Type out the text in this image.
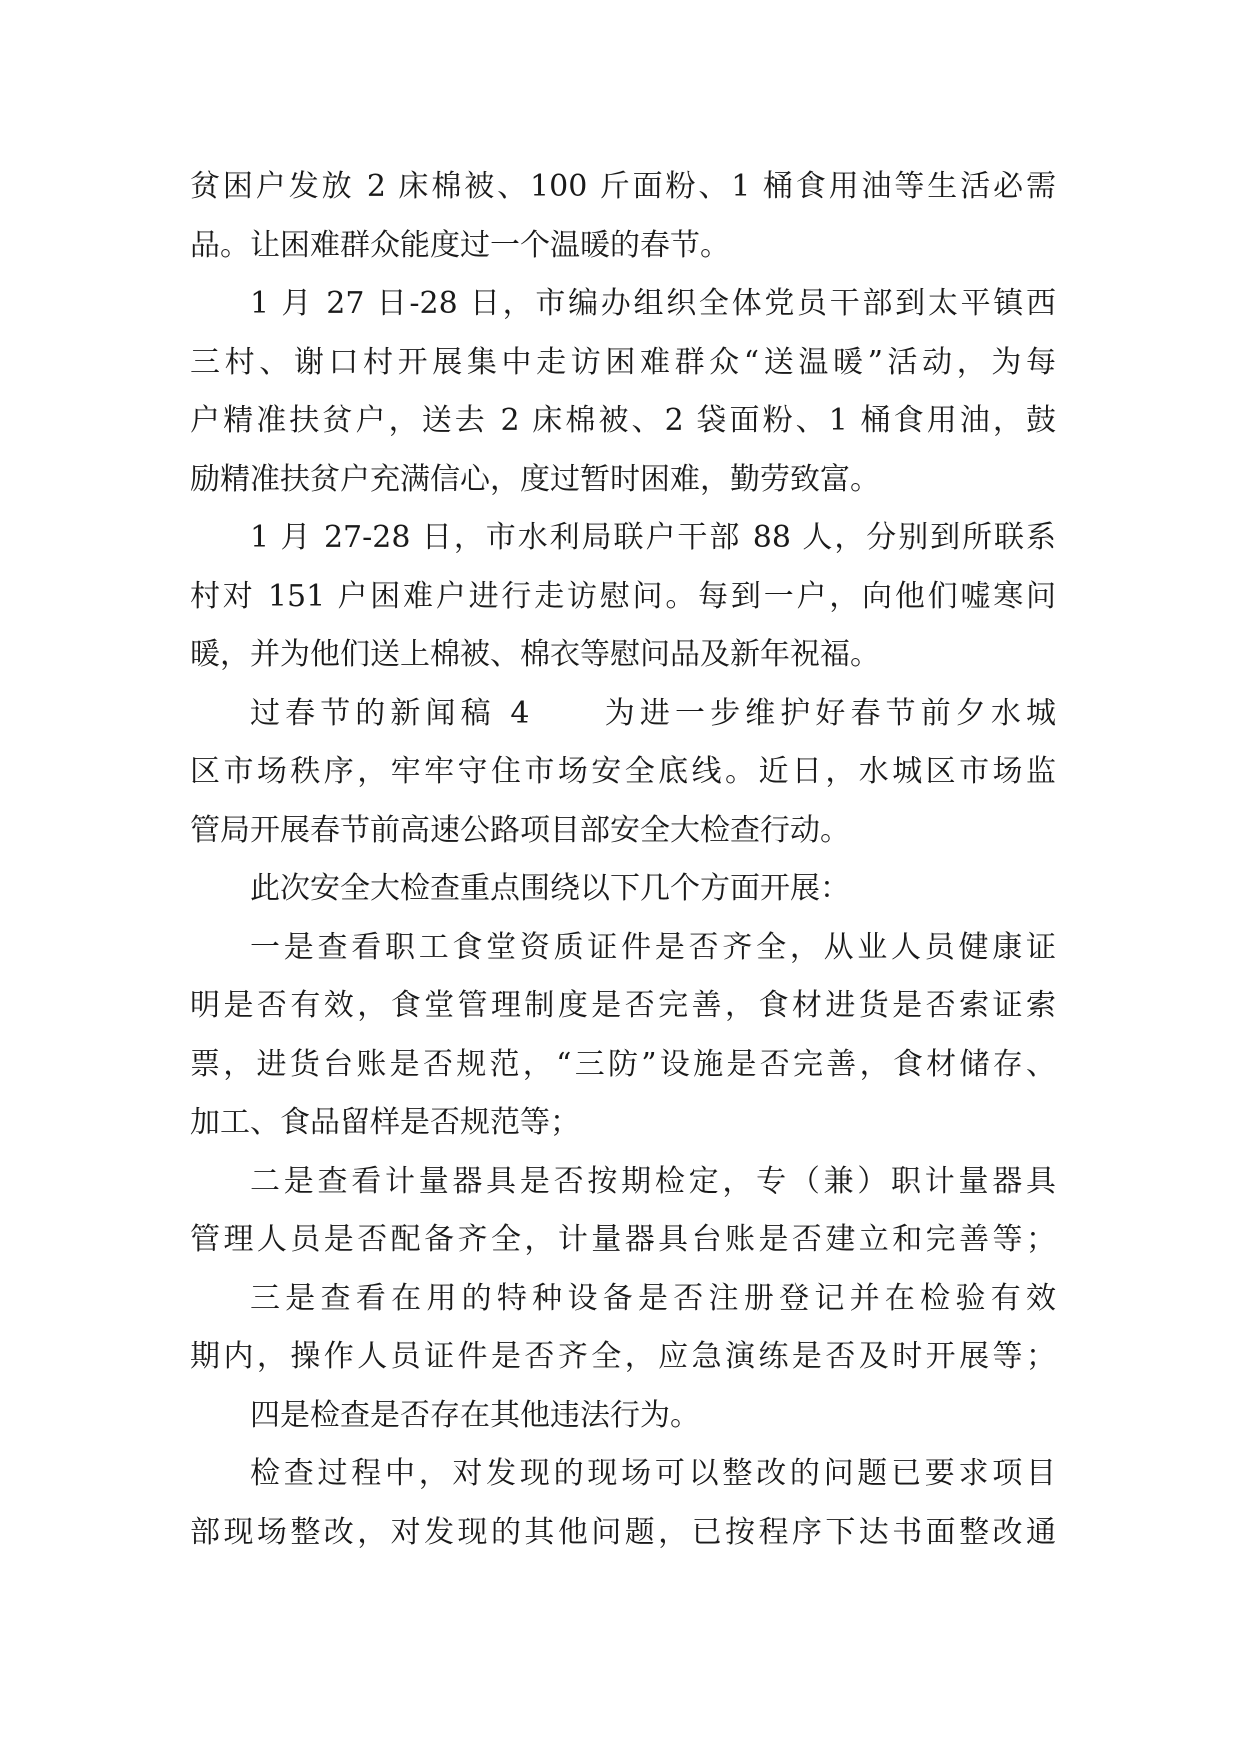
贫困户发放 2 床棉被、100 斤面粉、1 桶食用油等生活必需
品。让困难群众能度过一个温暖的春节。
1 月 27 日-28 日，市编办组织全体党员干部到太平镇西
三村、谢口村开展集中走访困难群众“送温暖”活动，为每
户精准扶贫户，送去 2 床棉被、2 袋面粉、1 桶食用油，鼓
励精准扶贫户充满信心，度过暂时困难，勤劳致富。
1 月 27-28 日，市水利局联户干部 88 人，分别到所联系
村对 151 户困难户进行走访慰问。每到一户，向他们嘘寒问
暖，并为他们送上棉被、棉衣等慰问品及新年祝福。
过春节的新闻稿 4　　为进一步维护好春节前夕水城
区市场秩序，牢牢守住市场安全底线。近日，水城区市场监
管局开展春节前高速公路项目部安全大检查行动。
此次安全大检查重点围绕以下几个方面开展：
一是查看职工食堂资质证件是否齐全，从业人员健康证
明是否有效，食堂管理制度是否完善，食材进货是否索证索
票，进货台账是否规范，“三防”设施是否完善，食材储存、
加工、食品留样是否规范等；
二是查看计量器具是否按期检定，专（兼）职计量器具
管理人员是否配备齐全，计量器具台账是否建立和完善等；
三是查看在用的特种设备是否注册登记并在检验有效
期内，操作人员证件是否齐全，应急演练是否及时开展等；
四是检查是否存在其他违法行为。
检查过程中，对发现的现场可以整改的问题已要求项目
部现场整改，对发现的其他问题，已按程序下达书面整改通
